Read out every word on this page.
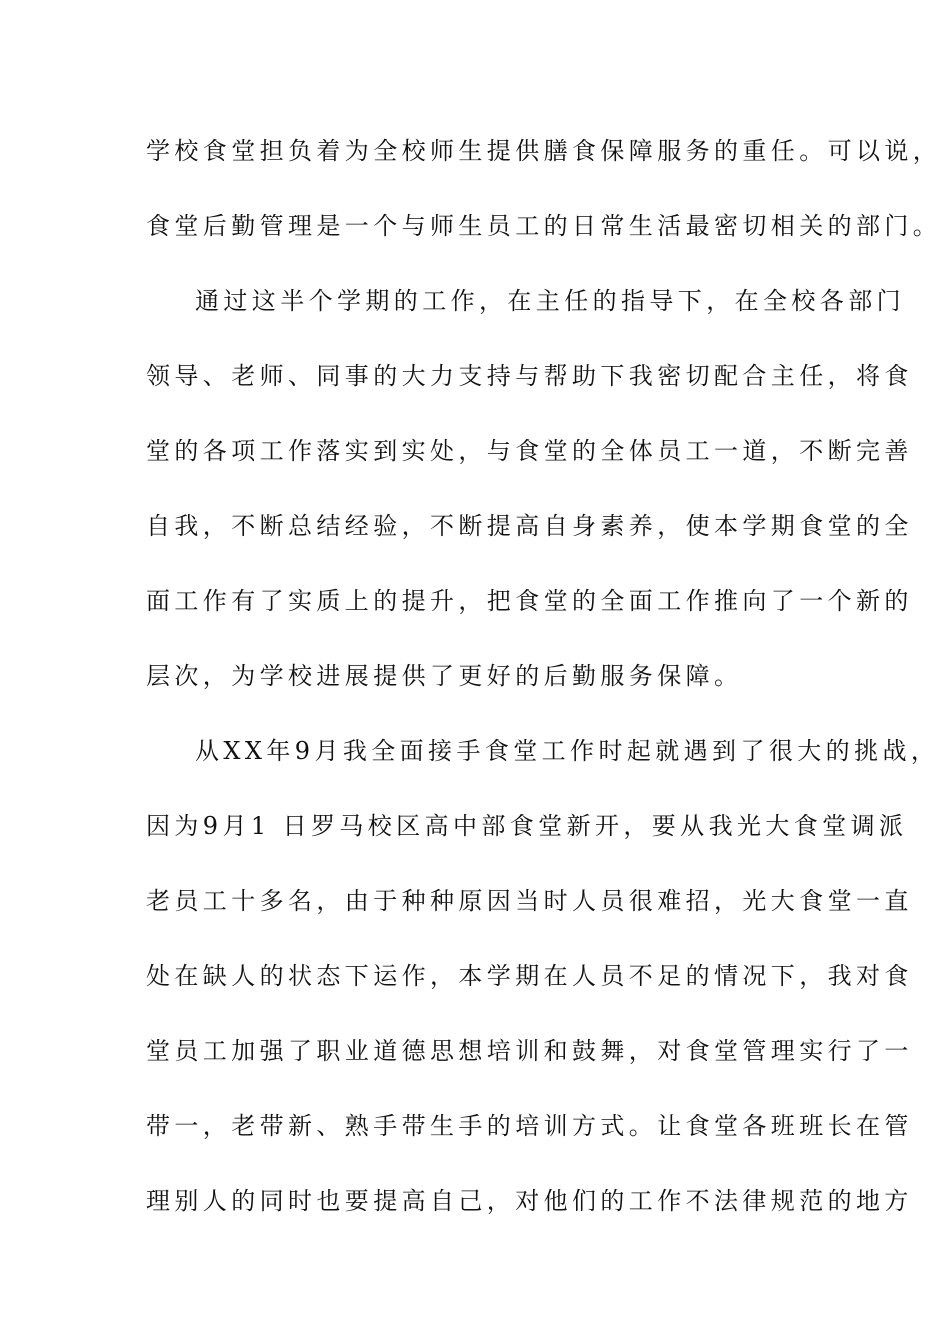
学校食堂担负着为全校师生提供膳食保障服务的重任。可以说，
食堂后勤管理是一个与师生员工的日常生活最密切相关的部门。
通过这半个学期的工作，在主任的指导下，在全校各部门
领导、老师、同事的大力支持与帮助下我密切配合主任，将食
堂的各项工作落实到实处，与食堂的全体员工一道，不断完善
自我，不断总结经验，不断提高自身素养，使本学期食堂的全
面工作有了实质上的提升，把食堂的全面工作推向了一个新的
层次，为学校进展提供了更好的后勤服务保障。
从XX年9月我全面接手食堂工作时起就遇到了很大的挑战，
因为9月1 日罗马校区高中部食堂新开，要从我光大食堂调派
老员工十多名，由于种种原因当时人员很难招，光大食堂一直
处在缺人的状态下运作，本学期在人员不足的情况下，我对食
堂员工加强了职业道德思想培训和鼓舞，对食堂管理实行了一
带一，老带新、熟手带生手的培训方式。让食堂各班班长在管
理别人的同时也要提高自己，对他们的工作不法律规范的地方
